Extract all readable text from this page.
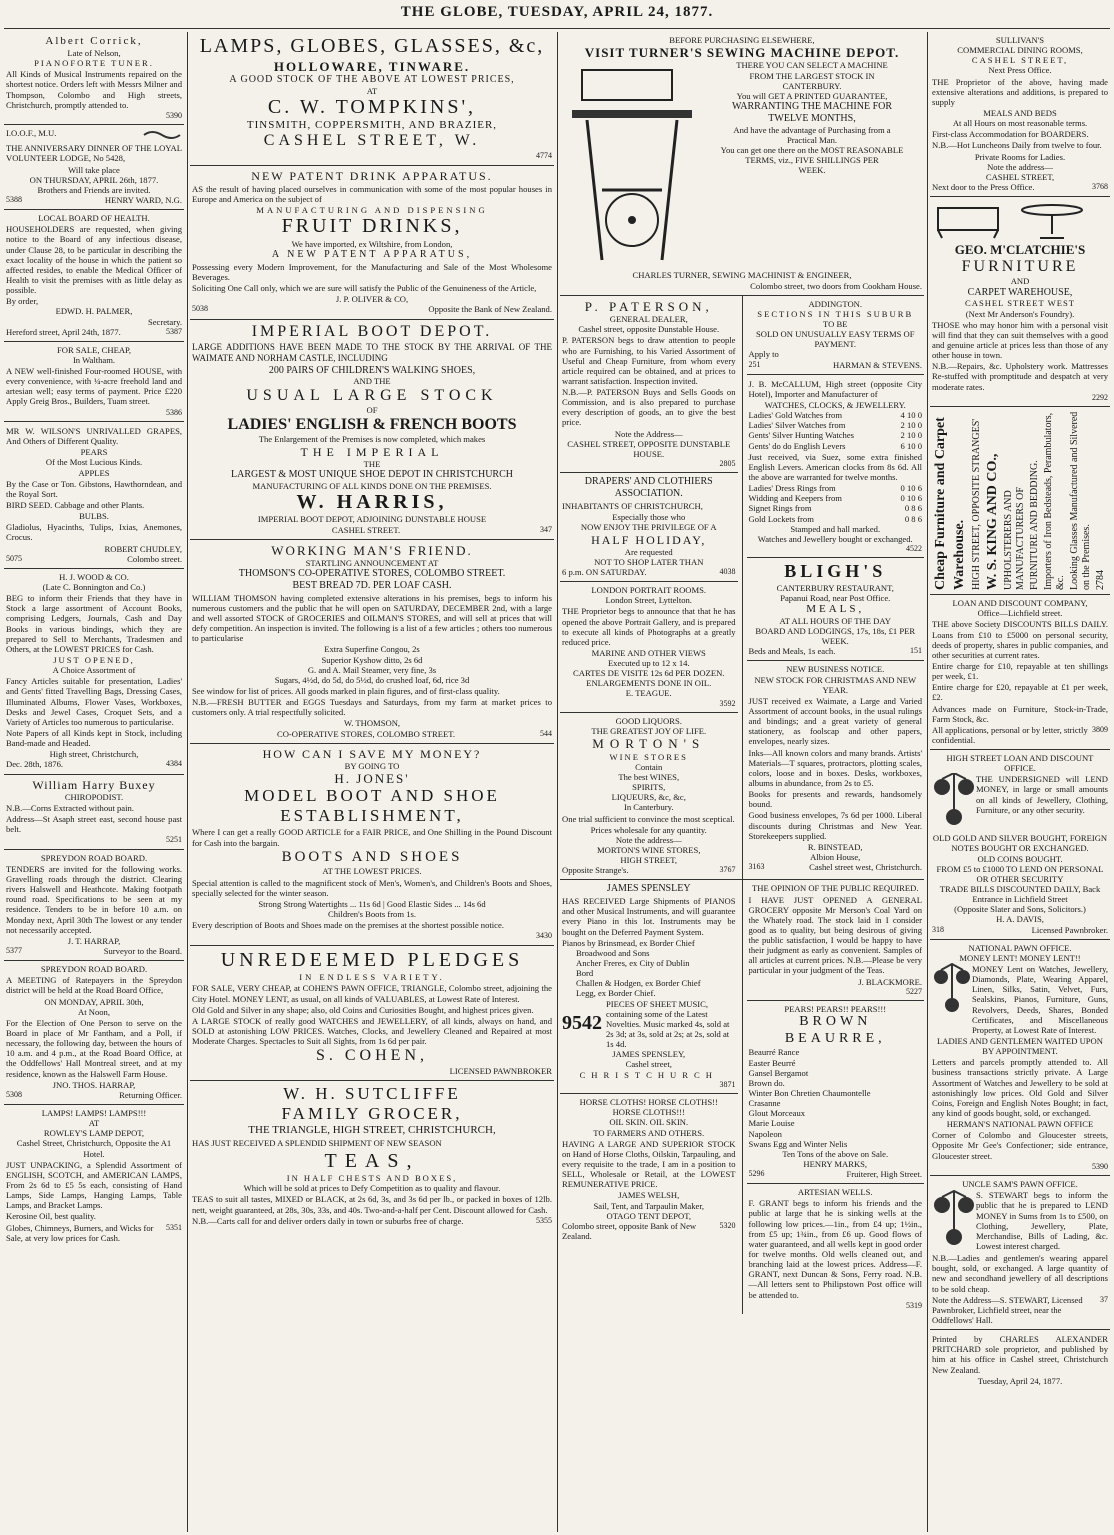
THE GLOBE, TUESDAY, APRIL 24, 1877.
Albert Corrick,
Late of Nelson,
PIANOFORTE TUNER.

All Kinds of Musical Instruments repaired on the shortest notice. Orders left with Messrs Milner and Thompson, Colombo and High streets, Christchurch, promptly attended to.

5390
I.O.O.F., M.U.

THE ANNIVERSARY DINNER OF THE LOYAL VOLUNTEER LODGE, No 5428,

Will take place
ON THURSDAY, APRIL 26th, 1877.
Brothers and Friends are invited.
5388	HENRY WARD, N.G.
LOCAL BOARD OF HEALTH.

HOUSEHOLDERS are requested, when giving notice to the Board of any infectious disease, under Clause 28, to be particular in describing the exact locality of the house in which the patient so affected resides, to enable the Medical Officer of Health to visit the premises with as little delay as possible.

By order,
EDWD. H. PALMER,
Secretary.
Hereford street, April 24th, 1877.	5387
FOR SALE, CHEAP,
In Waltham.

A NEW well-finished Four-roomed HOUSE, with every convenience, with ¼-acre freehold land and artesian well; easy terms of payment. Price £220 Apply Greig Bros., Builders, Tuam street.

5386

MR W. WILSON'S UNRIVALLED GRAPES, And Others of Different Quality.

PEARS
Of the Most Lucious Kinds.
APPLES

By the Case or Ton. Gibstons, Hawthorndean, and the Royal Sort.

BIRD SEED. Cabbage and other Plants.

BULBS.

Gladiolus, Hyacinths, Tulips, Ixias, Anemones, Crocus.

ROBERT CHUDLEY,
5075	Colombo street.
H. J. WOOD & CO.
(Late C. Bonnington and Co.)

BEG to inform their Friends that they have in Stock a large assortment of Account Books, comprising Ledgers, Journals, Cash and Day Books in various bindings, which they are prepared to Sell to Merchants, Tradesmen and Others, at the LOWEST PRICES for Cash.

JUST OPENED,
A Choice Assortment of

Fancy Articles suitable for presentation, Ladies' and Gents' fitted Travelling Bags, Dressing Cases, Illuminated Albums, Flower Vases, Workboxes, Desks and Jewel Cases, Croquet Sets, and a Variety of Articles too numerous to particularise.

Note Papers of all Kinds kept in Stock, including Band-made and Headed.

High street, Christchurch,
Dec. 28th, 1876.	4384
William Harry Buxey
CHIROPODIST.

N.B.—Corns Extracted without pain.

Address—St Asaph street east, second house past belt.

5251
SPREYDON ROAD BOARD.

TENDERS are invited for the following works. Gravelling roads through the district. Clearing rivers Halswell and Heathcote. Making footpath round road. Specifications to be seen at my residence. Tenders to be in before 10 a.m. on Monday next, April 30th The lowest or any tender not necessarily accepted.

J. T. HARRAP,
5377	Surveyor to the Board.
SPREYDON ROAD BOARD.

A MEETING of Ratepayers in the Spreydon district will be held at the Road Board Office,

ON MONDAY, APRIL 30th,
At Noon,

For the Election of One Person to serve on the Board in place of Mr Fantham, and a Poll, if necessary, the following day, between the hours of 10 a.m. and 4 p.m., at the Road Board Office, at the Oddfellows' Hall Montreal street, and at my residence, known as the Halswell Farm House.

JNO. THOS. HARRAP,
5308	Returning Officer.
LAMPS! LAMPS! LAMPS!!!
AT
ROWLEY'S LAMP DEPOT,
Cashel Street, Christchurch, Opposite the A1 Hotel.

JUST UNPACKING, a Splendid Assortment of ENGLISH, SCOTCH, and AMERICAN LAMPS, From 2s 6d to £5 5s each, consisting of Hand Lamps, Side Lamps, Hanging Lamps, Table Lamps, and Bracket Lamps.

Kerosine Oil, best quality.

Globes, Chimneys, Burners, and Wicks for Sale, at very low prices for Cash.
5351
LAMPS, GLOBES, GLASSES, &c,
HOLLOWARE, TINWARE.
A GOOD STOCK OF THE ABOVE AT LOWEST PRICES,
AT
C. W. TOMPKINS',
TINSMITH, COPPERSMITH, AND BRAZIER,
CASHEL STREET, W.
4774
NEW PATENT DRINK APPARATUS.

AS the result of having placed ourselves in communication with some of the most popular houses in Europe and America on the subject of

MANUFACTURING AND DISPENSING
FRUIT DRINKS,
We have imported, ex Wiltshire, from London,
A NEW PATENT APPARATUS,

Possessing every Modern Improvement, for the Manufacturing and Sale of the Most Wholesome Beverages.

Soliciting One Call only, which we are sure will satisfy the Public of the Genuineness of the Article,

J. P. OLIVER & CO,
5038	Opposite the Bank of New Zealand.
IMPERIAL BOOT DEPOT.

LARGE ADDITIONS HAVE BEEN MADE TO THE STOCK BY THE ARRIVAL OF THE WAIMATE AND NORHAM CASTLE, INCLUDING

200 PAIRS OF CHILDREN'S WALKING SHOES,
AND THE
USUAL LARGE STOCK
OF
LADIES' ENGLISH & FRENCH BOOTS
The Enlargement of the Premises is now completed, which makes
THE IMPERIAL
THE
LARGEST & MOST UNIQUE SHOE DEPOT IN CHRISTCHURCH
MANUFACTURING OF ALL KINDS DONE ON THE PREMISES.
W. HARRIS,
IMPERIAL BOOT DEPOT, ADJOINING DUNSTABLE HOUSE
CASHEL STREET.	347
WORKING MAN'S FRIEND.
STARTLING ANNOUNCEMENT AT
THOMSON'S CO-OPERATIVE STORES, COLOMBO STREET.
BEST BREAD 7D. PER LOAF CASH.

WILLIAM THOMSON having completed extensive alterations in his premises, begs to inform his numerous customers and the public that he will open on SATURDAY, DECEMBER 2nd, with a large and well assorted STOCK of GROCERIES and OILMAN'S STORES, and will sell at prices that will defy competition. An inspection is invited. The following is a list of a few articles ; others too numerous to particularise

Extra Superfine Congou, 2s
Superior Kyshow ditto, 2s 6d
G. and A. Mail Steamer, very fine, 3s
Sugars, 4½d, do 5d, do 5½d, do crushed loaf, 6d, rice 3d

See window for list of prices. All goods marked in plain figures, and of first-class quality.

N.B.—FRESH BUTTER and EGGS Tuesdays and Saturdays, from my farm at market prices to customers only. A trial respectfully solicited.

W. THOMSON,
CO-OPERATIVE STORES, COLOMBO STREET.	544
HOW CAN I SAVE MY MONEY?
BY GOING TO
H. JONES'
MODEL BOOT AND SHOE
ESTABLISHMENT,

Where I can get a really GOOD ARTICLE for a FAIR PRICE, and One Shilling in the Pound Discount for Cash into the bargain.

BOOTS AND SHOES
AT THE LOWEST PRICES.

Special attention is called to the magnificent stock of Men's, Women's, and Children's Boots and Shoes, specially selected for the winter season.

Strong Strong Watertights ... 11s 6d | Good Elastic Sides ... 14s 6d
Children's Boots from 1s.

Every description of Boots and Shoes made on the premises at the shortest possible notice.

3430
UNREDEEMED PLEDGES
IN ENDLESS VARIETY.

FOR SALE, VERY CHEAP, at COHEN'S PAWN OFFICE, TRIANGLE, Colombo street, adjoining the City Hotel. MONEY LENT, as usual, on all kinds of VALUABLES, at Lowest Rate of Interest.

Old Gold and Silver in any shape; also, old Coins and Curiosities Bought, and highest prices given.

A LARGE STOCK of really good WATCHES and JEWELLERY, of all kinds, always on hand, and SOLD at astonishing LOW PRICES. Watches, Clocks, and Jewellery Cleaned and Repaired at most Moderate Charges. Spectacles to Suit all Sights, from 1s 6d per pair.

S. COHEN,
LICENSED PAWNBROKER
W. H. SUTCLIFFE
FAMILY GROCER,
THE TRIANGLE, HIGH STREET, CHRISTCHURCH,

HAS JUST RECEIVED A SPLENDID SHIPMENT OF NEW SEASON

TEAS,
IN HALF CHESTS AND BOXES,
Which will be sold at prices to Defy Competition as to quality and flavour.

TEAS to suit all tastes, MIXED or BLACK, at 2s 6d, 3s, and 3s 6d per lb., or packed in boxes of 12lb. nett, weight guaranteed, at 28s, 30s, 33s, and 40s. Two-and-a-half per Cent. Discount allowed for Cash.

N.B.—Carts call for and deliver orders daily in town or suburbs free of charge.	5355
BEFORE PURCHASING ELSEWHERE,
VISIT TURNER'S SEWING MACHINE DEPOT.
THERE YOU CAN SELECT A MACHINE
FROM THE LARGEST STOCK IN
CANTERBURY.
You will GET A PRINTED GUARANTEE,
WARRANTING THE MACHINE FOR
TWELVE MONTHS,
And have the advantage of Purchasing from a
Practical Man.
You can get one there on the MOST REASONABLE
TERMS, viz., FIVE SHILLINGS PER
WEEK.
CHARLES TURNER, SEWING MACHINIST & ENGINEER,
Colombo street, two doors from Cookham House.
P. PATERSON,
GENERAL DEALER,
Cashel street, opposite Dunstable House.

P. PATERSON begs to draw attention to people who are Furnishing, to his Varied Assortment of Useful and Cheap Furniture, from whom every article required can be obtained, and at prices to warrant satisfaction. Inspection invited.

N.B.—P. PATERSON Buys and Sells Goods on Commission, and is also prepared to purchase every description of goods, an to give the best price.

Note the Address—
CASHEL STREET, OPPOSITE DUNSTABLE HOUSE.
2805
DRAPERS' AND CLOTHIERS ASSOCIATION.

INHABITANTS OF CHRISTCHURCH,

Especially those who
NOW ENJOY THE PRIVILEGE OF A
HALF HOLIDAY,
Are requested
NOT TO SHOP LATER THAN
6 p.m. ON SATURDAY.	4038
LONDON PORTRAIT ROOMS.
London Street, Lyttelton.

THE Proprietor begs to announce that that he has opened the above Portrait Gallery, and is prepared to execute all kinds of Photographs at a greatly reduced price.

MARINE AND OTHER VIEWS
Executed up to 12 x 14.
CARTES DE VISITE 12s 6d PER DOZEN.
ENLARGEMENTS DONE IN OIL.
E. TEAGUE.
3592
GOOD LIQUORS.
THE GREATEST JOY OF LIFE.
MORTON'S
WINE STORES
Contain
The best WINES,
SPIRITS,
LIQUEURS, &c, &c,
In Canterbury.

One trial sufficient to convince the most sceptical.

Prices wholesale for any quantity.
Note the address—
MORTON'S WINE STORES,
HIGH STREET,
Opposite Strange's.	3767
ADDINGTON.
SECTIONS IN THIS SUBURB
TO BE
SOLD ON UNUSUALLY EASY TERMS OF PAYMENT.
Apply to
251	HARMAN & STEVENS.

J. B. McCALLUM, High street (opposite City Hotel), Importer and Manufacturer of

WATCHES, CLOCKS, & JEWELLERY.
Ladies' Gold Watches from	4 10 0
Ladies' Silver Watches from	2 10 0
Gents' Silver Hunting Watches	2 10 0
Gents' do do English Levers	6 10 0

Just received, via Suez, some extra finished English Levers. American clocks from 8s 6d. All the above are warranted for twelve months.

Ladies' Dress Rings from	0 10 6
Widding and Keepers from	0 10 6
Signet Rings from	0 8 6
Gold Lockets from	0 8 6
Stamped and hall marked.
Watches and Jewellery bought or exchanged.
4522
BLIGH'S
CANTERBURY RESTAURANT,
Papanui Road, near Post Office.
MEALS,
AT ALL HOURS OF THE DAY
BOARD AND LODGINGS, 17s, 18s, £1 PER WEEK.
Beds and Meals, 1s each.	151
NEW BUSINESS NOTICE.
NEW STOCK FOR CHRISTMAS AND NEW YEAR.

JUST received ex Waimate, a Large and Varied Assortment of account books, in the usual rulings and bindings; and a great variety of general stationery, as foolscap and other papers, envelopes, nearly sizes.

Inks—All known colors and many brands. Artists' Materials—T squares, protractors, plotting scales, colors, loose and in boxes. Desks, workboxes, albums in abundance, from 2s to £5.

Books for presents and rewards, handsomely bound.

Good business envelopes, 7s 6d per 1000. Liberal discounts during Christmas and New Year. Storekeepers supplied.

R. BINSTEAD,
Albion House,
3163	Cashel street west, Christchurch.
JAMES SPENSLEY

HAS RECEIVED Large Shipments of PIANOS and other Musical Instruments, and will guarantee every Piano in this lot. Instruments may be bought on the Deferred Payment System.

Pianos by Brinsmead, ex Border Chief
Broadwood and Sons
Ancher Freres, ex City of Dublin
Bord
Challen & Hodgen, ex Border Chief
Legg, ex Border Chief.
9542
PIECES OF SHEET MUSIC, containing some of the Latest Novelties. Music marked 4s, sold at 2s 3d; at 3s, sold at 2s; at 2s, sold at 1s 4d.
JAMES SPENSLEY,
Cashel street,
CHRISTCHURCH
3871
HORSE CLOTHS! HORSE CLOTHS!!
HORSE CLOTHS!!!
OIL SKIN. OIL SKIN.
TO FARMERS AND OTHERS.

HAVING A LARGE AND SUPERIOR STOCK on Hand of Horse Cloths, Oilskin, Tarpauling, and every requisite to the trade, I am in a position to SELL, Wholesale or Retail, at the LOWEST REMUNERATIVE PRICE.

JAMES WELSH,
Sail, Tent, and Tarpaulin Maker,
OTAGO TENT DEPOT,
Colombo street, opposite Bank of New Zealand.
5320
THE OPINION OF THE PUBLIC REQUIRED.

I HAVE JUST OPENED A GENERAL GROCERY opposite Mr Merson's Coal Yard on the Whately road. The stock laid in I consider good as to quality, but being desirous of giving the public satisfaction, I would be happy to have their judgment as early as convenient. Samples of all articles at current prices. N.B.—Please be very particular in your judgment of the Teas.

J. BLACKMORE.
5227
PEARS! PEARS!! PEARS!!!
BROWN BEAURRE,
Beaurré Rance
Easter Beurré
Gansel Bergamot
Brown do.
Winter Bon Chretien Chaumontelle
Crasanne
Glout Morceaux
Marie Louise
Napoleon
Swans Egg and Winter Nelis
Ten Tons of the above on Sale.
HENRY MARKS,
5296	Fruiterer, High Street.
ARTESIAN WELLS.

F. GRANT begs to inform his friends and the public at large that he is sinking wells at the following low prices.—1in., from £4 up; 1½in., from £5 up; 1¾in., from £6 up. Good flows of water guaranteed, and all wells kept in good order for twelve months. Old wells cleaned out, and branching laid at the lowest prices. Address—F. GRANT, next Duncan & Sons, Ferry road. N.B.—All letters sent to Philipstown Post office will be attended to.

5319
SULLIVAN'S
COMMERCIAL DINING ROOMS,
CASHEL STREET,
Next Press Office.

THE Proprietor of the above, having made extensive alterations and additions, is prepared to supply

MEALS AND BEDS
At all Hours on most reasonable terms.

First-class Accommodation for BOARDERS.

N.B.—Hot Luncheons Daily from twelve to four.

Private Rooms for Ladies.
Note the address—
CASHEL STREET,
Next door to the Press Office.	3768
GEO. M'CLATCHIE'S
FURNITURE
AND
CARPET WAREHOUSE,
CASHEL STREET WEST
(Next Mr Anderson's Foundry).

THOSE who may honor him with a personal visit will find that they can suit themselves with a good and genuine article at prices less than those of any other house in town.

N.B.—Repairs, &c. Upholstery work. Mattresses Re-stuffed with promptitude and despatch at very moderate rates.

2292
Cheap Furniture and Carpet Warehouse. HIGH STREET, OPPOSITE STRANGES' W. S. KING AND CO., UPHOLSTERERS AND MANUFACTURERS OF FURNITURE AND BEDDING. Importers of Iron Bedsteads, Perambulators, &c. Looking Glasses Manufactured and Silvered on the Premises. 2784
LOAN AND DISCOUNT COMPANY,
Office—Lichfield street.

THE above Society DISCOUNTS BILLS DAILY. Loans from £10 to £5000 on personal security, deeds of property, shares in public companies, and other securities at current rates.

Entire charge for £10, repayable at ten shillings per week, £1.

Entire charge for £20, repayable at £1 per week, £2.

Advances made on Furniture, Stock-in-Trade, Farm Stock, &c.

All applications, personal or by letter, strictly confidential.
3809
HIGH STREET LOAN AND DISCOUNT OFFICE.

THE UNDERSIGNED will LEND MONEY, in large or small amounts on all kinds of Jewellery, Clothing, Furniture, or any other security.

OLD GOLD AND SILVER BOUGHT, FOREIGN NOTES BOUGHT OR EXCHANGED.
OLD COINS BOUGHT.
FROM £5 to £1000 TO LEND ON PERSONAL OR OTHER SECURITY
TRADE BILLS DISCOUNTED DAILY, Back Entrance in Lichfield Street
(Opposite Slater and Sons, Solicitors.)
H. A. DAVIS,
318	Licensed Pawnbroker.
NATIONAL PAWN OFFICE.
MONEY LENT! MONEY LENT!!

MONEY Lent on Watches, Jewellery, Diamonds, Plate, Wearing Apparel, Linen, Silks, Satin, Velvet, Furs, Sealskins, Pianos, Furniture, Guns, Revolvers, Deeds, Shares, Bonded Certificates, and Miscellaneous Property, at Lowest Rate of Interest.

LADIES AND GENTLEMEN WAITED UPON BY APPOINTMENT.

Letters and parcels promptly attended to. All business transactions strictly private. A Large Assortment of Watches and Jewellery to be sold at astonishingly low prices. Old Gold and Silver Coins, Foreign and English Notes Bought; in fact, any kind of goods bought, sold, or exchanged.

HERMAN'S NATIONAL PAWN OFFICE

Corner of Colombo and Gloucester streets, Opposite Mr Gee's Confectioner; side entrance, Gloucester street.

5390
UNCLE SAM'S PAWN OFFICE.

S. STEWART begs to inform the public that he is prepared to LEND MONEY in Sums from 1s to £500, on Clothing, Jewellery, Plate, Merchandise, Bills of Lading, &c. Lowest interest charged.

N.B.—Ladies and gentlemen's wearing apparel bought, sold, or exchanged. A large quantity of new and secondhand jewellery of all descriptions to be sold cheap.

Note the Address—S. STEWART, Licensed Pawnbroker, Lichfield street, near the Oddfellows' Hall.
37

Printed by CHARLES ALEXANDER PRITCHARD sole proprietor, and published by him at his office in Cashel street, Christchurch New Zealand.

Tuesday, April 24, 1877.
